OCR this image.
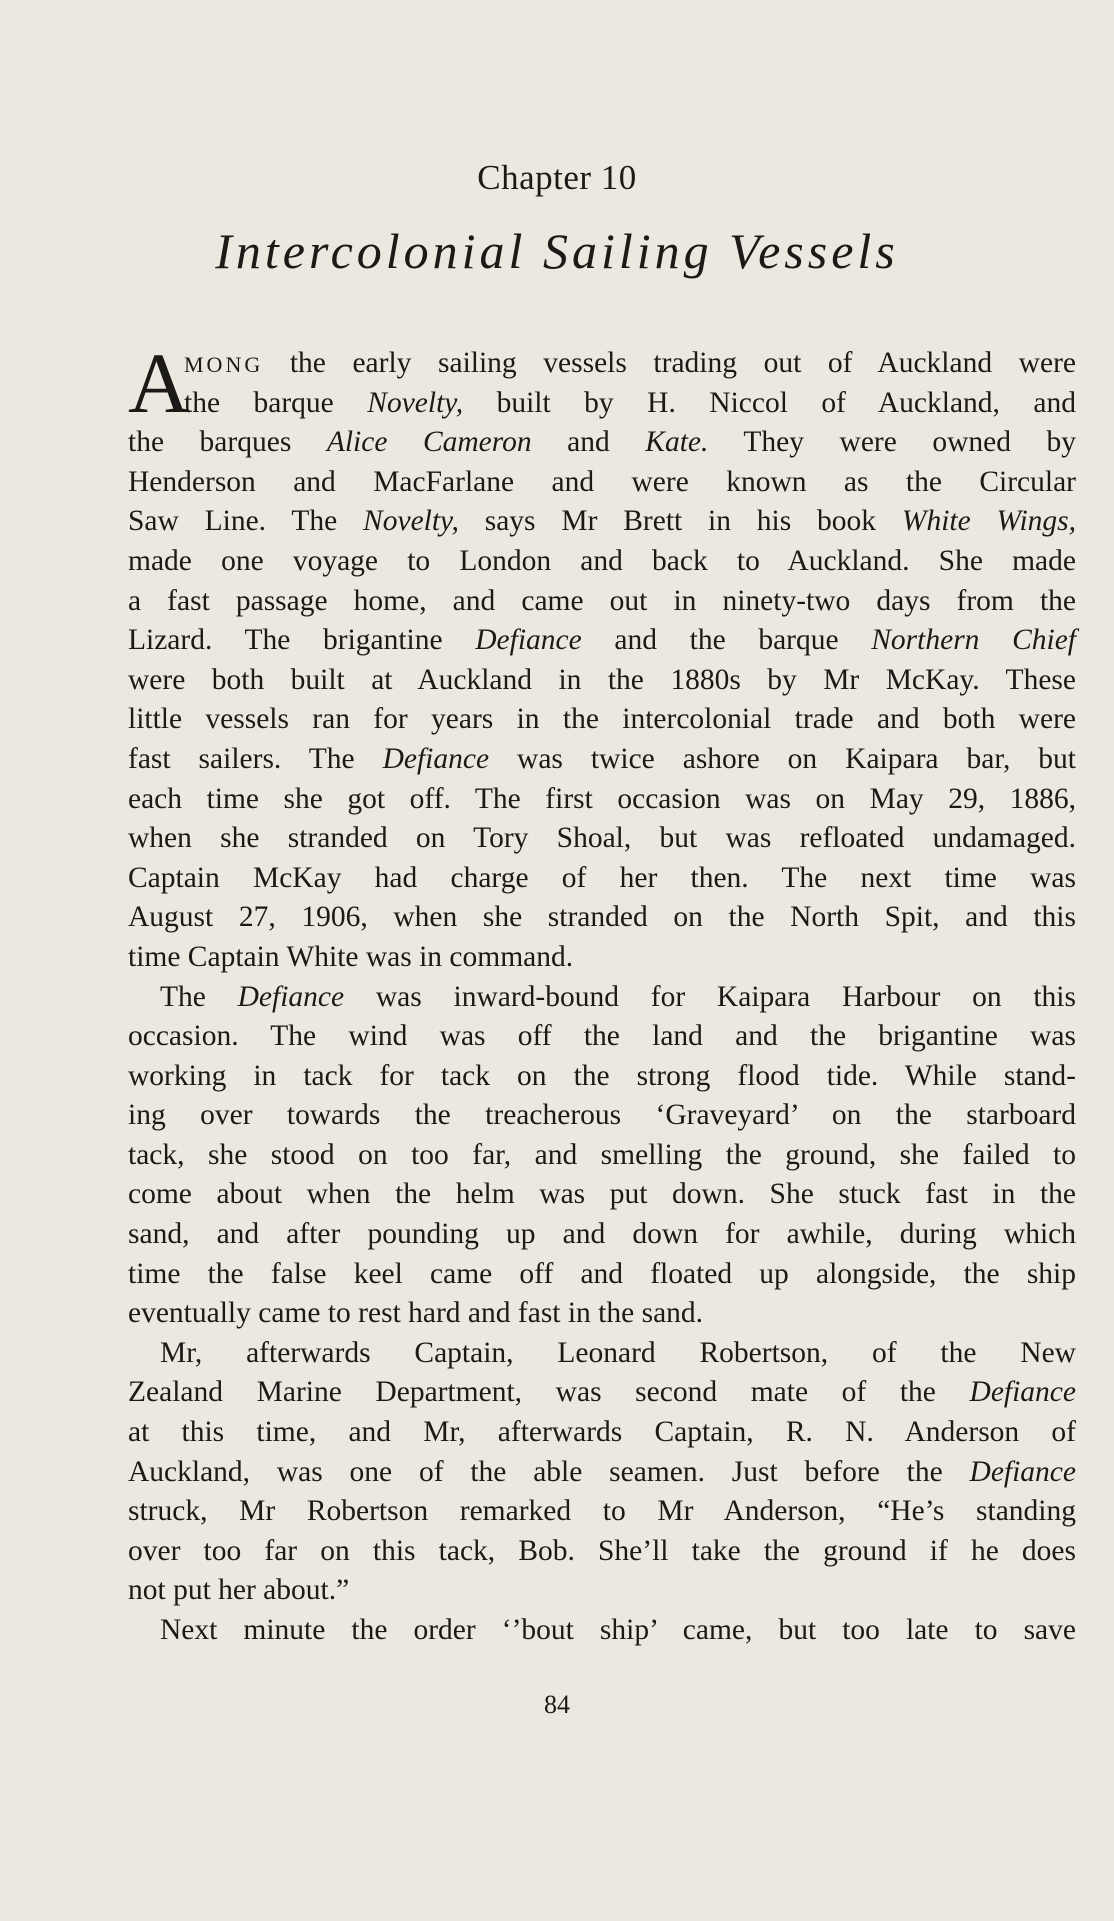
Chapter 10
Intercolonial Sailing Vessels
A
MONG the early sailing vessels trading out of Auckland were
the barque Novelty, built by H. Niccol of Auckland, and
the barques Alice Cameron and Kate. They were owned by
Henderson and MacFarlane and were known as the Circular
Saw Line. The Novelty, says Mr Brett in his book White Wings,
made one voyage to London and back to Auckland. She made
a fast passage home, and came out in ninety-two days from the
Lizard. The brigantine Defiance and the barque Northern Chief
were both built at Auckland in the 1880s by Mr McKay. These
little vessels ran for years in the intercolonial trade and both were
fast sailers. The Defiance was twice ashore on Kaipara bar, but
each time she got off. The first occasion was on May 29, 1886,
when she stranded on Tory Shoal, but was refloated undamaged.
Captain McKay had charge of her then. The next time was
August 27, 1906, when she stranded on the North Spit, and this
time Captain White was in command.
The Defiance was inward-bound for Kaipara Harbour on this
occasion. The wind was off the land and the brigantine was
working in tack for tack on the strong flood tide. While stand-
ing over towards the treacherous ‘Graveyard’ on the starboard
tack, she stood on too far, and smelling the ground, she failed to
come about when the helm was put down. She stuck fast in the
sand, and after pounding up and down for awhile, during which
time the false keel came off and floated up alongside, the ship
eventually came to rest hard and fast in the sand.
Mr, afterwards Captain, Leonard Robertson, of the New
Zealand Marine Department, was second mate of the Defiance
at this time, and Mr, afterwards Captain, R. N. Anderson of
Auckland, was one of the able seamen. Just before the Defiance
struck, Mr Robertson remarked to Mr Anderson, “He’s standing
over too far on this tack, Bob. She’ll take the ground if he does
not put her about.”
Next minute the order ‘’bout ship’ came, but too late to save
84
